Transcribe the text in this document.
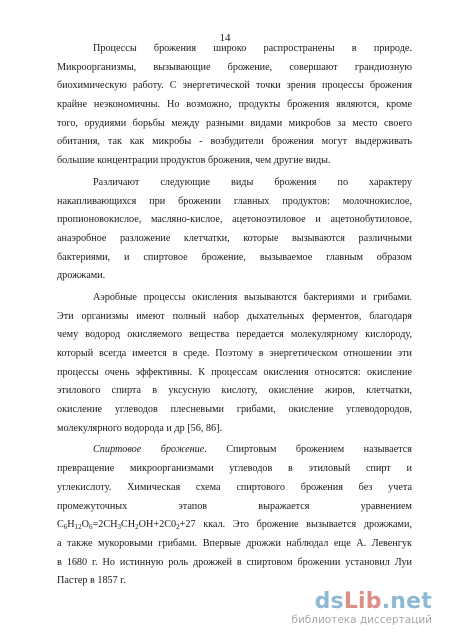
14
Процессы брожения широко распространены в природе.
Микроорганизмы, вызывающие брожение, совершают грандиозную
биохимическую работу. С энергетической точки зрения процессы брожения
крайне неэкономичны. Но возможно, продукты брожения являются, кроме
того, орудиями борьбы между разными видами микробов за место своего
обитания, так как микробы - возбудители брожения могут выдерживать
большие концентрации продуктов брожения, чем другие виды.
Различают следующие виды брожения по характеру
накапливающихся при брожении главных продуктов: молочнокислое,
пропионовокислое, масляно-кислое, ацетоноэтиловое и ацетонобутиловое,
анаэробное разложение клетчатки, которые вызываются различными
бактериями, и спиртовое брожение, вызываемое главным образом
дрожжами.
Аэробные процессы окисления вызываются бактериями и грибами.
Эти организмы имеют полный набор дыхательных ферментов, благодаря
чему водород окисляемого вещества передается молекулярному кислороду,
который всегда имеется в среде. Поэтому в энергетическом отношении эти
процессы очень эффективны. К процессам окисления относятся: окисление
этилового спирта в уксусную кислоту, окисление жиров, клетчатки,
окисление углеводов плесневыми грибами, окисление углеводородов,
молекулярного водорода и др [56, 86].
Спиртовое брожение. Спиртовым брожением называется
превращение микроорганизмами углеводов в этиловый спирт и
углекислоту. Химическая схема спиртового брожения без учета
промежуточных этапов выражается уравнением
$C_6H_{12}O_6=2CH_3CH_2OH+2C0_2+27$ ккал. Это брожение вызывается дрожжами,
а также мукоровыми грибами. Впервые дрожжи наблюдал еще А. Левенгук
в 1680 г. Но истинную роль дрожжей в спиртовом брожении установил Луи
Пастер в 1857 г.
dsLib.net
библиотека диссертаций
